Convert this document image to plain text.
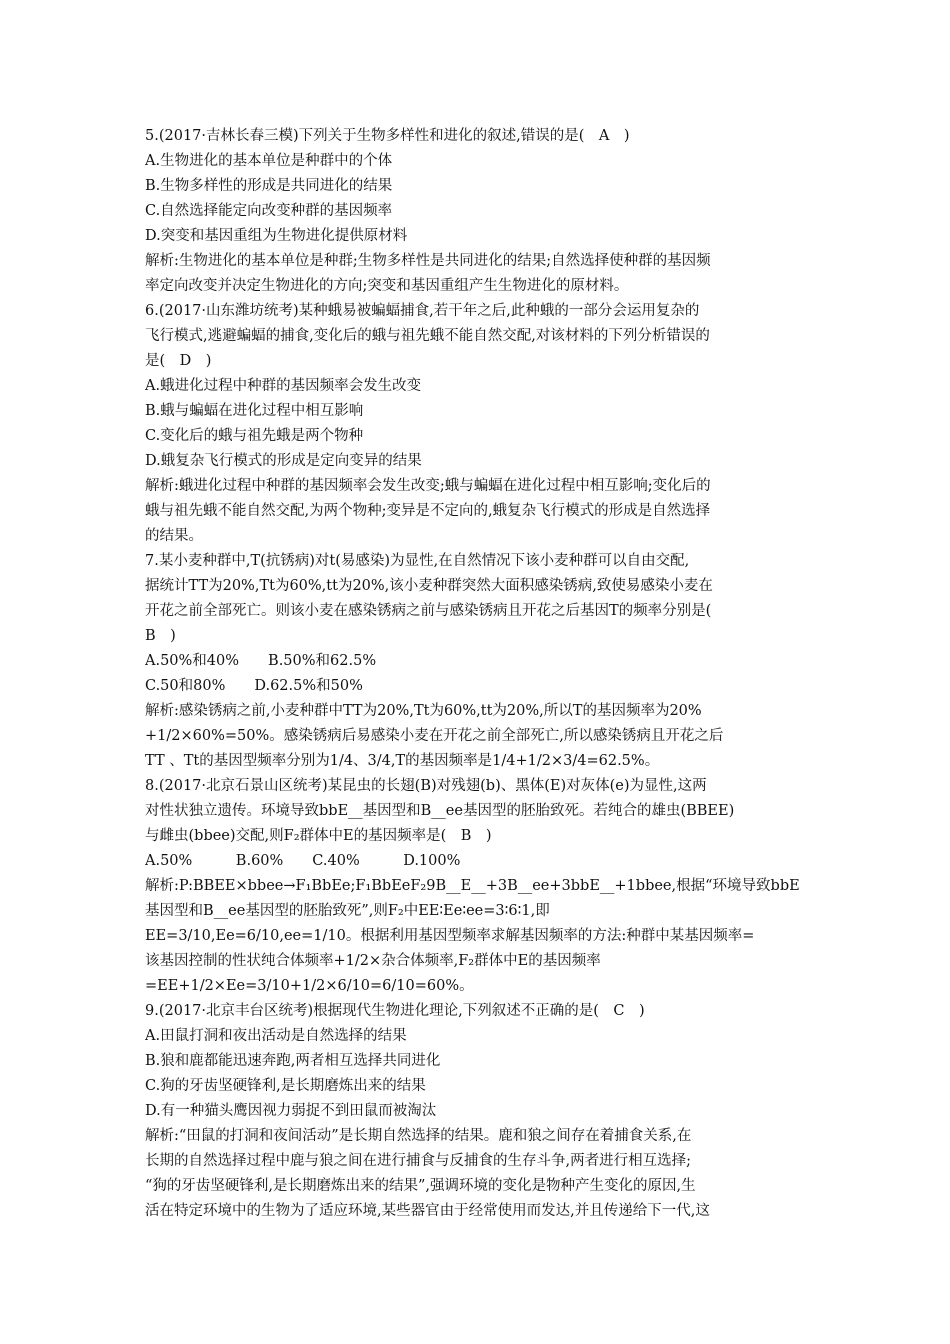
5.(2017·吉林长春三模)下列关于生物多样性和进化的叙述,错误的是(　A　)
A.生物进化的基本单位是种群中的个体
B.生物多样性的形成是共同进化的结果
C.自然选择能定向改变种群的基因频率
D.突变和基因重组为生物进化提供原材料
解析:生物进化的基本单位是种群;生物多样性是共同进化的结果;自然选择使种群的基因频
率定向改变并决定生物进化的方向;突变和基因重组产生生物进化的原材料。
6.(2017·山东潍坊统考)某种蛾易被蝙蝠捕食,若干年之后,此种蛾的一部分会运用复杂的
飞行模式,逃避蝙蝠的捕食,变化后的蛾与祖先蛾不能自然交配,对该材料的下列分析错误的
是(　D　)
A.蛾进化过程中种群的基因频率会发生改变
B.蛾与蝙蝠在进化过程中相互影响
C.变化后的蛾与祖先蛾是两个物种
D.蛾复杂飞行模式的形成是定向变异的结果
解析:蛾进化过程中种群的基因频率会发生改变;蛾与蝙蝠在进化过程中相互影响;变化后的
蛾与祖先蛾不能自然交配,为两个物种;变异是不定向的,蛾复杂飞行模式的形成是自然选择
的结果。
7.某小麦种群中,T(抗锈病)对t(易感染)为显性,在自然情况下该小麦种群可以自由交配,
据统计TT为20%,Tt为60%,tt为20%,该小麦种群突然大面积感染锈病,致使易感染小麦在
开花之前全部死亡。则该小麦在感染锈病之前与感染锈病且开花之后基因T的频率分别是(
B　)
A.50%和40%　　B.50%和62.5%
C.50和80%　　D.62.5%和50%
解析:感染锈病之前,小麦种群中TT为20%,Tt为60%,tt为20%,所以T的基因频率为20%
+1/2×60%=50%。感染锈病后易感染小麦在开花之前全部死亡,所以感染锈病且开花之后
TT 、Tt的基因型频率分别为1/4、3/4,T的基因频率是1/4+1/2×3/4=62.5%。
8.(2017·北京石景山区统考)某昆虫的长翅(B)对残翅(b)、黑体(E)对灰体(e)为显性,这两
对性状独立遗传。环境导致bbE__基因型和B__ee基因型的胚胎致死。若纯合的雄虫(BBEE)
与雌虫(bbee)交配,则F₂群体中E的基因频率是(　B　)
A.50%　　　B.60%　　C.40%　　　D.100%
解析:P:BBEE×bbee→F₁BbEe;F₁BbEeF₂9B__E__+3B__ee+3bbE__+1bbee,根据“环境导致bbE
基因型和B__ee基因型的胚胎致死”,则F₂中EE∶Ee∶ee=3∶6∶1,即
EE=3/10,Ee=6/10,ee=1/10。根据利用基因型频率求解基因频率的方法:种群中某基因频率=
该基因控制的性状纯合体频率+1/2×杂合体频率,F₂群体中E的基因频率
=EE+1/2×Ee=3/10+1/2×6/10=6/10=60%。
9.(2017·北京丰台区统考)根据现代生物进化理论,下列叙述不正确的是(　C　)
A.田鼠打洞和夜出活动是自然选择的结果
B.狼和鹿都能迅速奔跑,两者相互选择共同进化
C.狗的牙齿坚硬锋利,是长期磨炼出来的结果
D.有一种猫头鹰因视力弱捉不到田鼠而被淘汰
解析:“田鼠的打洞和夜间活动”是长期自然选择的结果。鹿和狼之间存在着捕食关系,在
长期的自然选择过程中鹿与狼之间在进行捕食与反捕食的生存斗争,两者进行相互选择;
“狗的牙齿坚硬锋利,是长期磨炼出来的结果”,强调环境的变化是物种产生变化的原因,生
活在特定环境中的生物为了适应环境,某些器官由于经常使用而发达,并且传递给下一代,这
